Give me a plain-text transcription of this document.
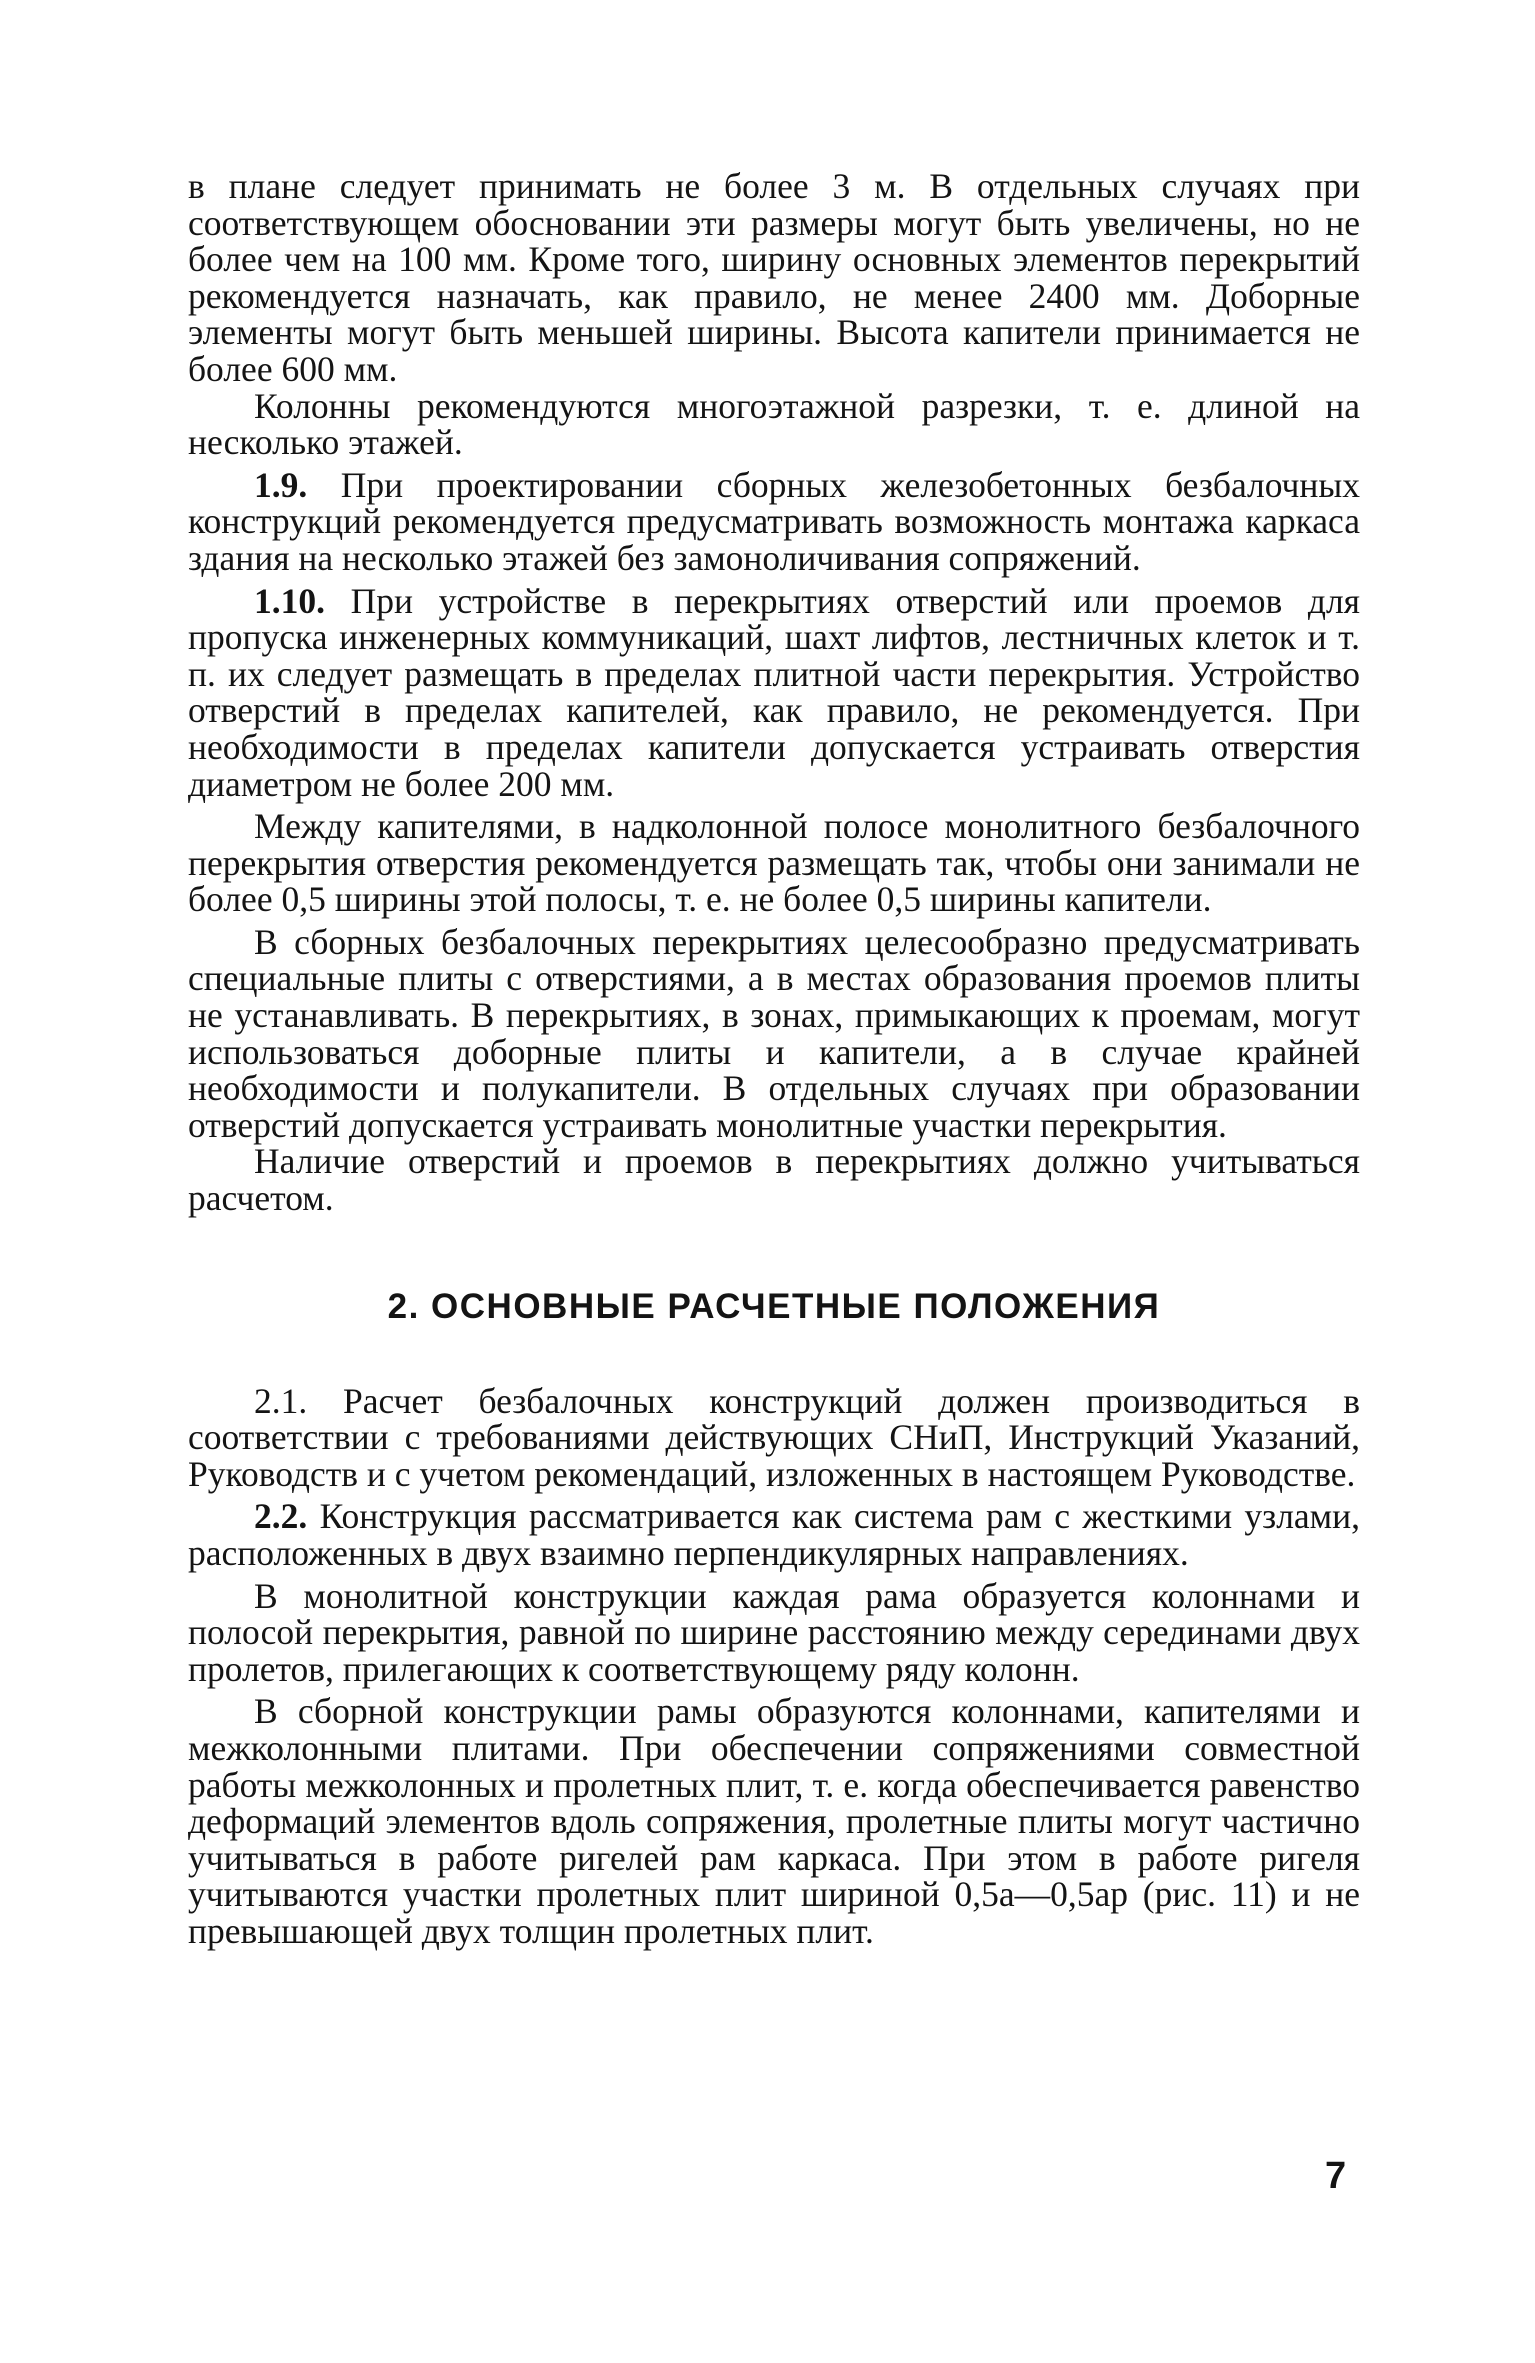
в плане следует принимать не более 3 м. В отдельных случаях при соответствующем обосновании эти размеры могут быть увеличены, но не более чем на 100 мм. Кроме того, ширину основных элементов перекрытий рекомендуется назначать, как правило, не менее 2400 мм. Доборные элементы могут быть меньшей ширины. Высота капители принимается не более 600 мм.

Колонны рекомендуются многоэтажной разрезки, т. е. длиной на несколько этажей.

1.9. При проектировании сборных железобетонных безбалочных конструкций рекомендуется предусматривать возможность монтажа каркаса здания на несколько этажей без замоноличивания сопряжений.

1.10. При устройстве в перекрытиях отверстий или проемов для пропуска инженерных коммуникаций, шахт лифтов, лестничных клеток и т. п. их следует размещать в пределах плитной части перекрытия. Устройство отверстий в пределах капителей, как правило, не рекомендуется. При необходимости в пределах капители допускается устраивать отверстия диаметром не более 200 мм.

Между капителями, в надколонной полосе монолитного безбалочного перекрытия отверстия рекомендуется размещать так, чтобы они занимали не более 0,5 ширины этой полосы, т. е. не более 0,5 ширины капители.

В сборных безбалочных перекрытиях целесообразно предусматривать специальные плиты с отверстиями, а в местах образования проемов плиты не устанавливать. В перекрытиях, в зонах, примыкающих к проемам, могут использоваться доборные плиты и капители, а в случае крайней необходимости и полукапители. В отдельных случаях при образовании отверстий допускается устраивать монолитные участки перекрытия.

Наличие отверстий и проемов в перекрытиях должно учитываться расчетом.

2. ОСНОВНЫЕ РАСЧЕТНЫЕ ПОЛОЖЕНИЯ

2.1. Расчет безбалочных конструкций должен производиться в соответствии с требованиями действующих СНиП, Инструкций Указаний, Руководств и с учетом рекомендаций, изложенных в настоящем Руководстве.

2.2. Конструкция рассматривается как система рам с жесткими узлами, расположенных в двух взаимно перпендикулярных направлениях.

В монолитной конструкции каждая рама образуется колоннами и полосой перекрытия, равной по ширине расстоянию между серединами двух пролетов, прилегающих к соответствующему ряду колонн.

В сборной конструкции рамы образуются колоннами, капителями и межколонными плитами. При обеспечении сопряжениями совместной работы межколонных и пролетных плит, т. е. когда обеспечивается равенство деформаций элементов вдоль сопряжения, пролетные плиты могут частично учитываться в работе ригелей рам каркаса. При этом в работе ригеля учитываются участки пролетных плит шириной 0,5a—0,5aр (рис. 11) и не превышающей двух толщин пролетных плит.

7
